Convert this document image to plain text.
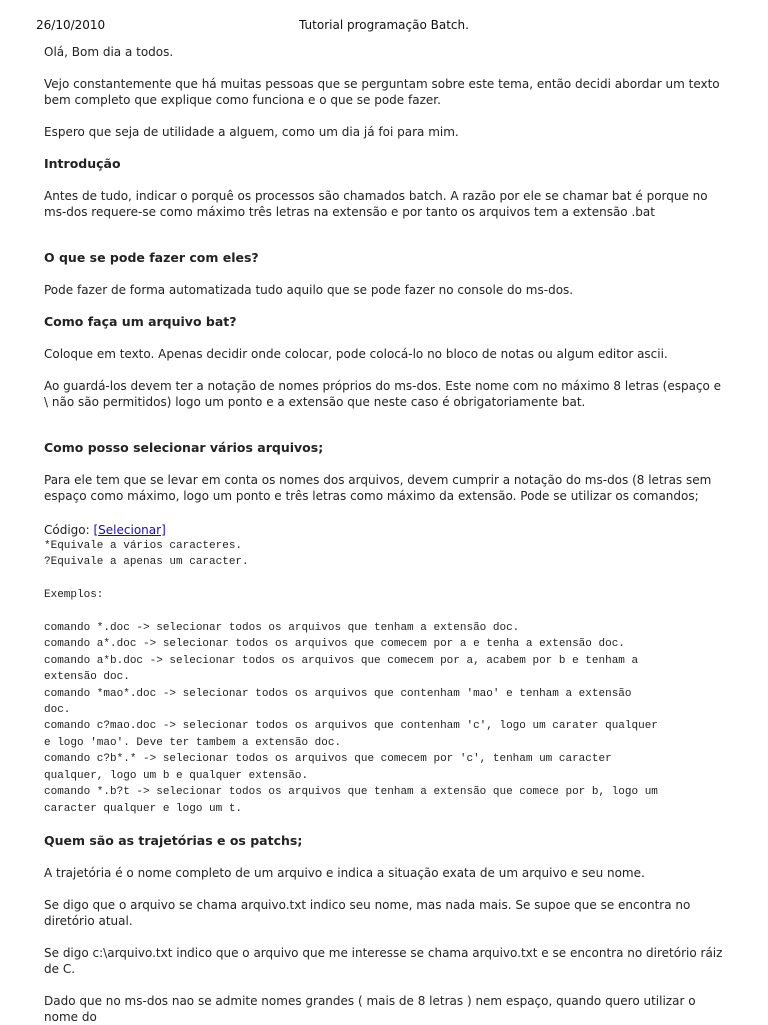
26/10/2010	Tutorial programação Batch.

Olá, Bom dia a todos.

Vejo constantemente que há muitas pessoas que se perguntam sobre este tema, então decidi abordar um texto bem completo que explique como funciona e o que se pode fazer.

Espero que seja de utilidade a alguem, como um dia já foi para mim.

Introdução

Antes de tudo, indicar o porquê os processos são chamados batch. A razão por ele se chamar bat é porque no ms-dos requere-se como máximo três letras na extensão e por tanto os arquivos tem a extensão .bat

O que se pode fazer com eles?

Pode fazer de forma automatizada tudo aquilo que se pode fazer no console do ms-dos.

Como faça um arquivo bat?

Coloque em texto. Apenas decidir onde colocar, pode colocá-lo no bloco de notas ou algum editor ascii.

Ao guardá-los devem ter a notação de nomes próprios do ms-dos. Este nome com no máximo 8 letras (espaço e \ não são permitidos) logo um ponto e a extensão que neste caso é obrigatoriamente bat.

Como posso selecionar vários arquivos;

Para ele tem que se levar em conta os nomes dos arquivos, devem cumprir a notação do ms-dos (8 letras sem espaço como máximo, logo um ponto e três letras como máximo da extensão. Pode se utilizar os comandos;

Código: [Selecionar]

*Equivale a vários caracteres.
?Equivale a apenas um caracter.

Exemplos:

comando *.doc -> selecionar todos os arquivos que tenham a extensão doc.
comando a*.doc -> selecionar todos os arquivos que comecem por a e tenha a extensão doc.
comando a*b.doc -> selecionar todos os arquivos que comecem por a, acabem por b e tenham a
extensão doc.
comando *mao*.doc -> selecionar todos os arquivos que contenham 'mao' e tenham a extensão
doc.
comando c?mao.doc -> selecionar todos os arquivos que contenham 'c', logo um carater qualquer
e logo 'mao'. Deve ter tambem a extensão doc.
comando c?b*.* -> selecionar todos os arquivos que comecem por 'c', tenham um caracter
qualquer, logo um b e qualquer extensão.
comando *.b?t -> selecionar todos os arquivos que tenham a extensão que comece por b, logo um
caracter qualquer e logo um t.
Quem são as trajetórias e os patchs;

A trajetória é o nome completo de um arquivo e indica a situação exata de um arquivo e seu nome.

Se digo que o arquivo se chama arquivo.txt indico seu nome, mas nada mais. Se supoe que se encontra no diretório atual.

Se digo c:\arquivo.txt indico que o arquivo que me interesse se chama arquivo.txt e se encontra no diretório ráiz de C.

Dado que no ms-dos nao se admite nomes grandes ( mais de 8 letras ) nem espaço, quando quero utilizar o nome do
